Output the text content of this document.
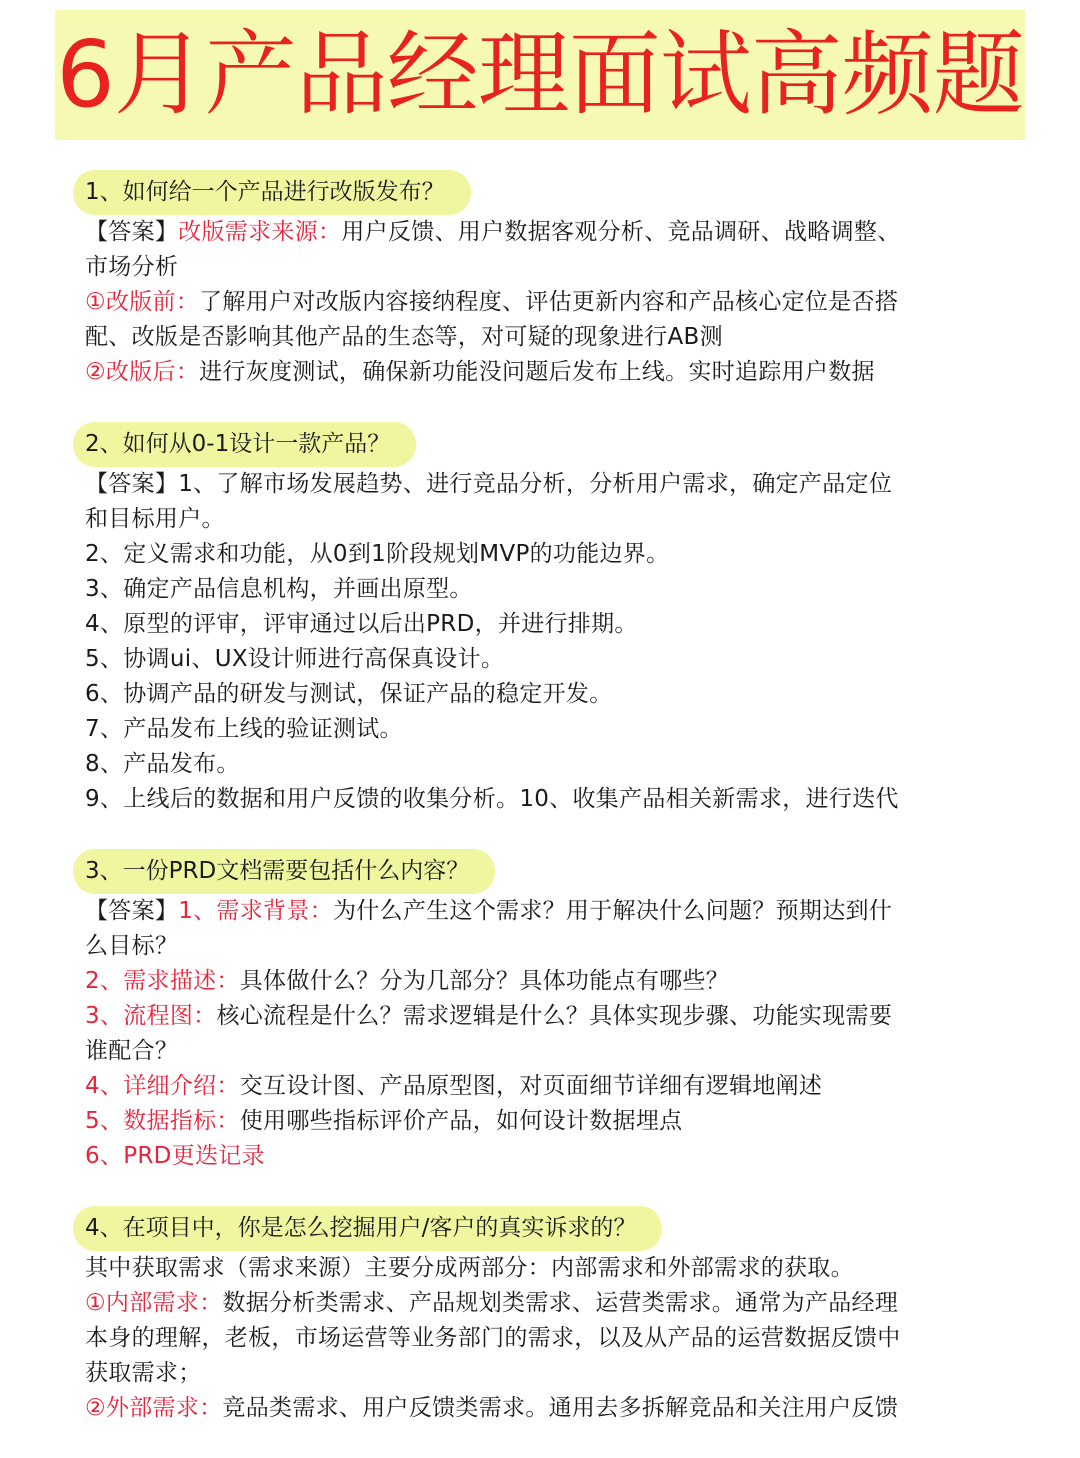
6月产品经理面试高频题
1、如何给一个产品进行改版发布？
【答案】改版需求来源：用户反馈、用户数据客观分析、竞品调研、战略调整、
市场分析
①改版前：了解用户对改版内容接纳程度、评估更新内容和产品核心定位是否搭
配、改版是否影响其他产品的生态等，对可疑的现象进行AB测
②改版后：进行灰度测试，确保新功能没问题后发布上线。实时追踪用户数据
2、如何从0-1设计一款产品？
【答案】1、了解市场发展趋势、进行竞品分析，分析用户需求，确定产品定位
和目标用户。
2、定义需求和功能，从0到1阶段规划MVP的功能边界。
3、确定产品信息机构，并画出原型。
4、原型的评审，评审通过以后出PRD，并进行排期。
5、协调ui、UX设计师进行高保真设计。
6、协调产品的研发与测试，保证产品的稳定开发。
7、产品发布上线的验证测试。
8、产品发布。
9、上线后的数据和用户反馈的收集分析。10、收集产品相关新需求，进行迭代
3、一份PRD文档需要包括什么内容？
【答案】1、需求背景：为什么产生这个需求？用于解决什么问题？预期达到什
么目标？
2、需求描述：具体做什么？分为几部分？具体功能点有哪些？
3、流程图：核心流程是什么？需求逻辑是什么？具体实现步骤、功能实现需要
谁配合？
4、详细介绍：交互设计图、产品原型图，对页面细节详细有逻辑地阐述
5、数据指标：使用哪些指标评价产品，如何设计数据埋点
6、PRD更迭记录
4、在项目中，你是怎么挖掘用户/客户的真实诉求的？
其中获取需求（需求来源）主要分成两部分：内部需求和外部需求的获取。
①内部需求：数据分析类需求、产品规划类需求、运营类需求。通常为产品经理
本身的理解，老板，市场运营等业务部门的需求，以及从产品的运营数据反馈中
获取需求；
②外部需求：竞品类需求、用户反馈类需求。通用去多拆解竞品和关注用户反馈
